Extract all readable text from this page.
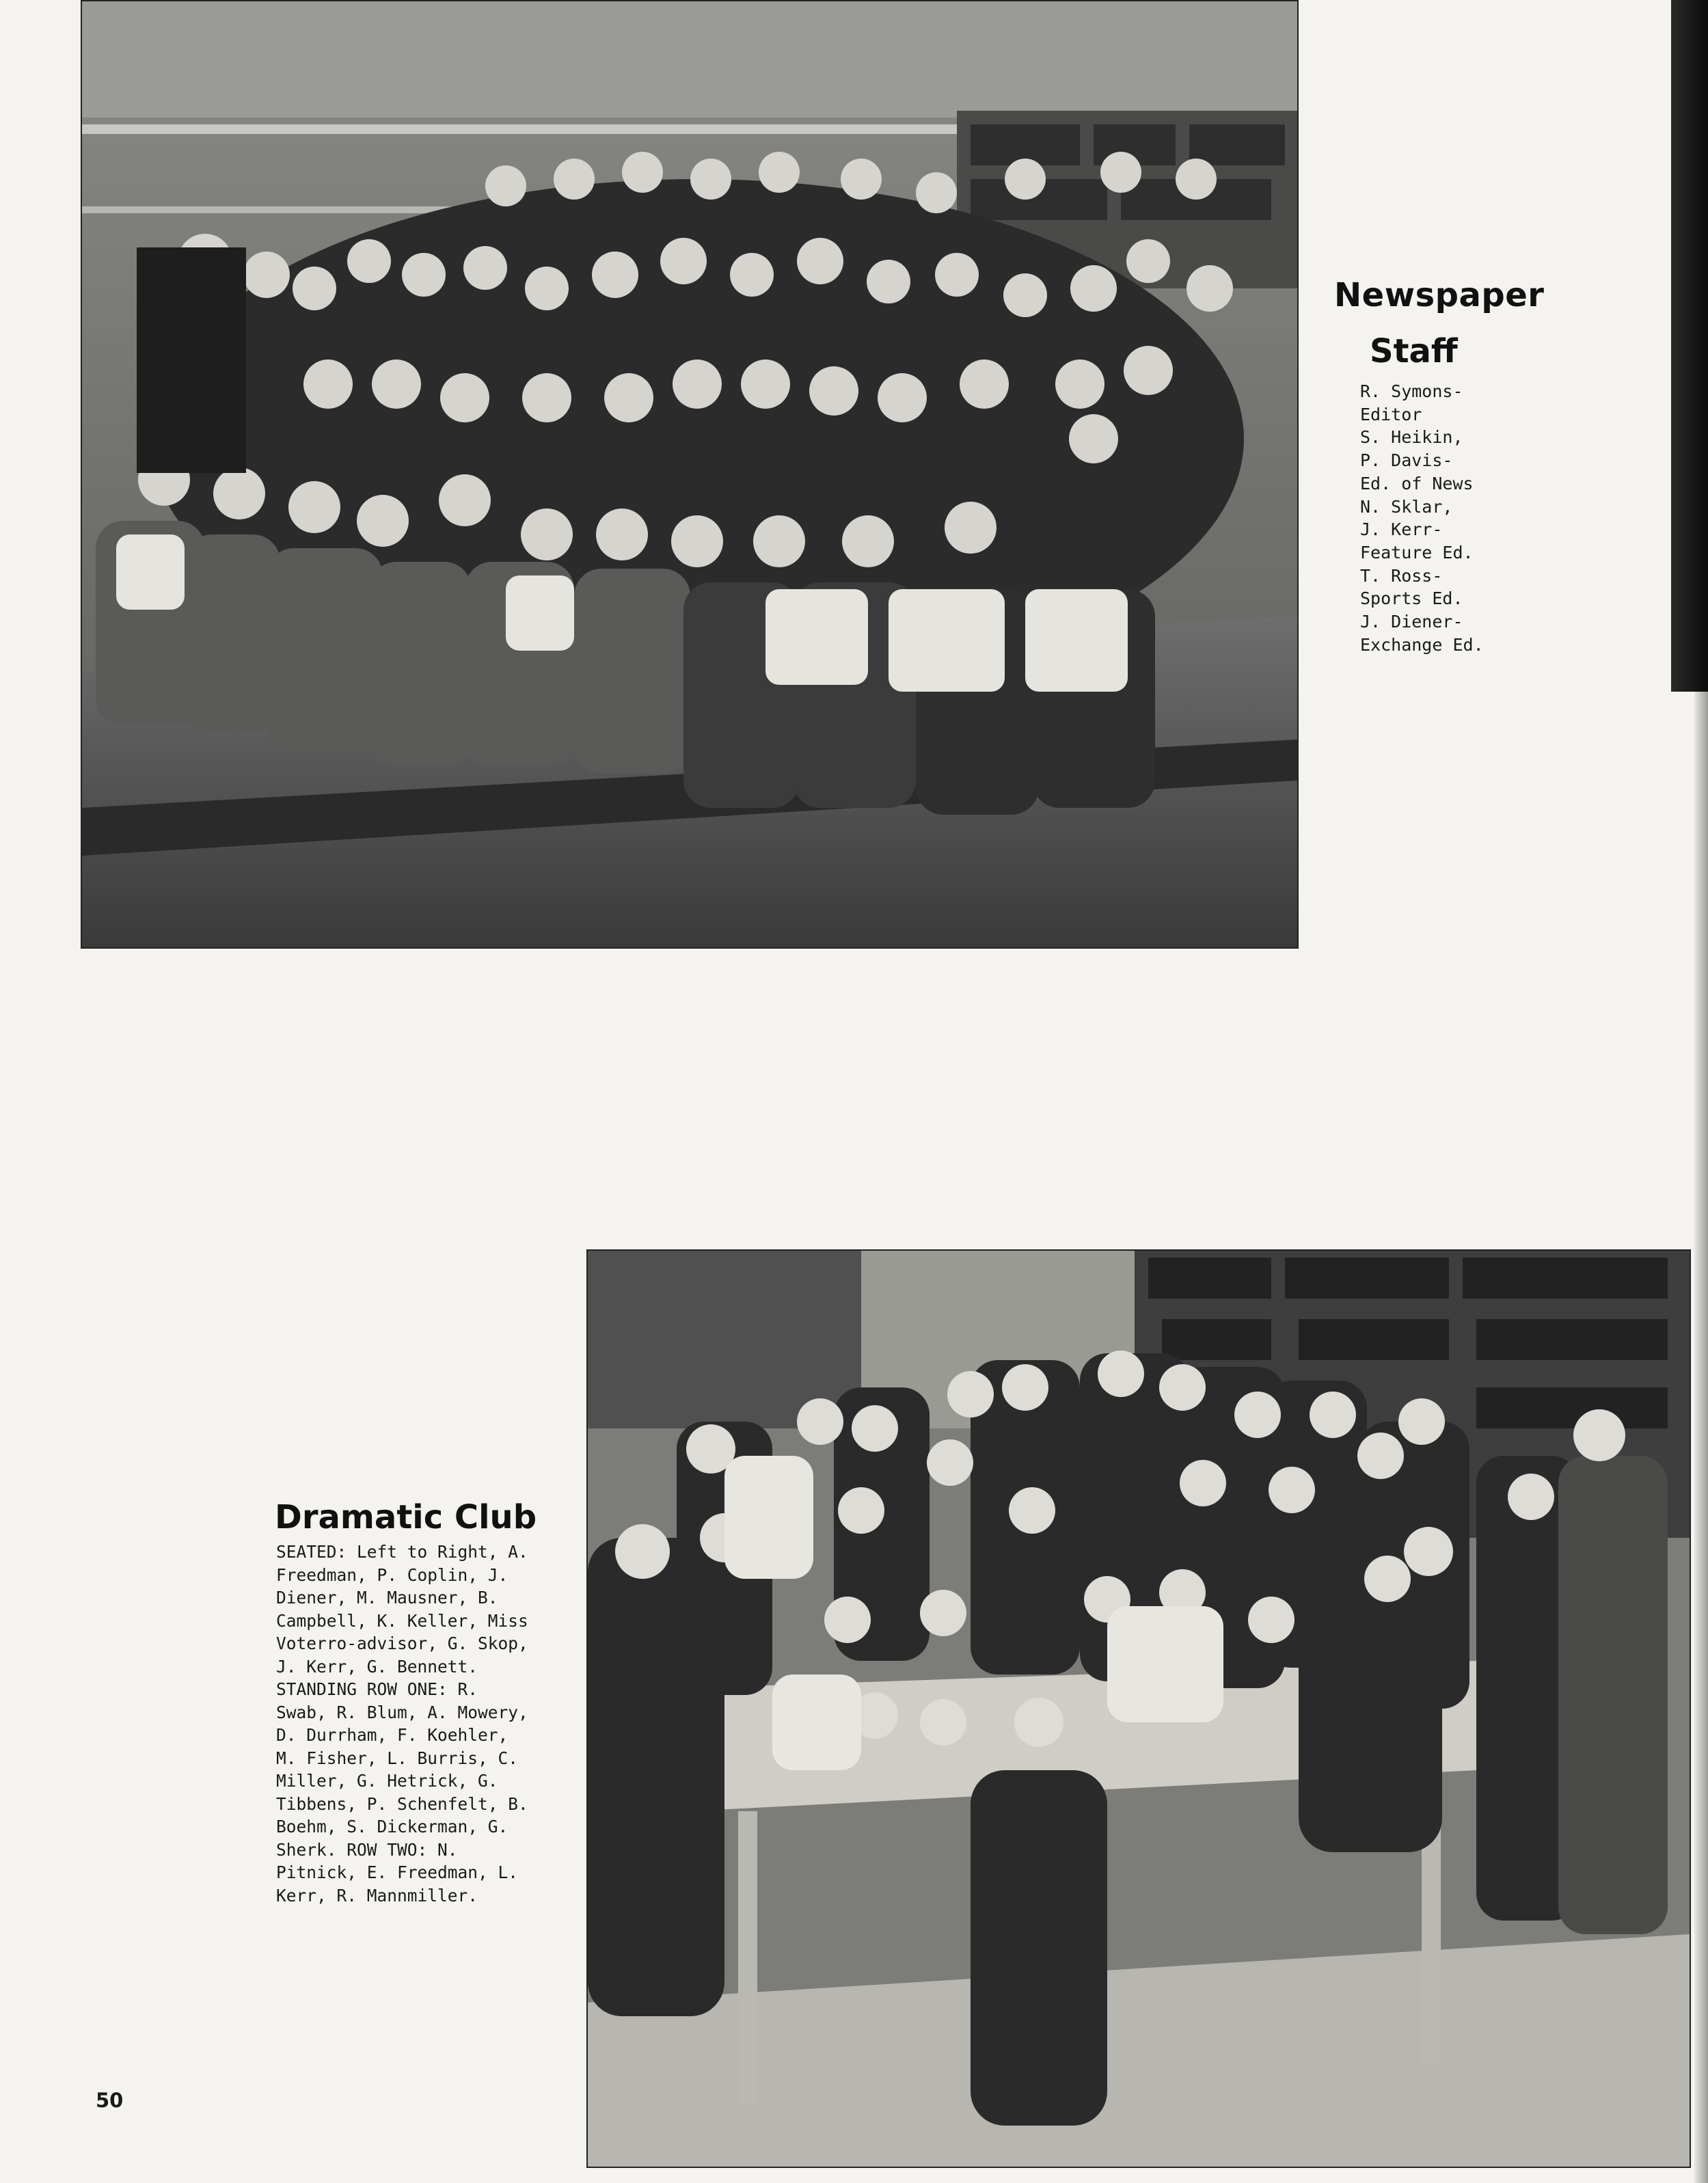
Newspaper
Staff
R. Symons-
Editor
S. Heikin,
P. Davis-
Ed. of News
N. Sklar,
J. Kerr-
Feature Ed.
T. Ross-
Sports Ed.
J. Diener-
Exchange Ed.
Dramatic Club

SEATED: Left to Right, A.
Freedman, P. Coplin, J.
Diener, M. Mausner, B.
Campbell, K. Keller, Miss
Voterro-advisor, G. Skop,
J. Kerr, G. Bennett.
STANDING ROW ONE: R.
Swab, R. Blum, A. Mowery,
D. Durrham, F. Koehler,
M. Fisher, L. Burris, C.
Miller, G. Hetrick, G.
Tibbens, P. Schenfelt, B.
Boehm, S. Dickerman, G.
Sherk. ROW TWO: N.
Pitnick, E. Freedman, L.
Kerr, R. Mannmiller.

50
